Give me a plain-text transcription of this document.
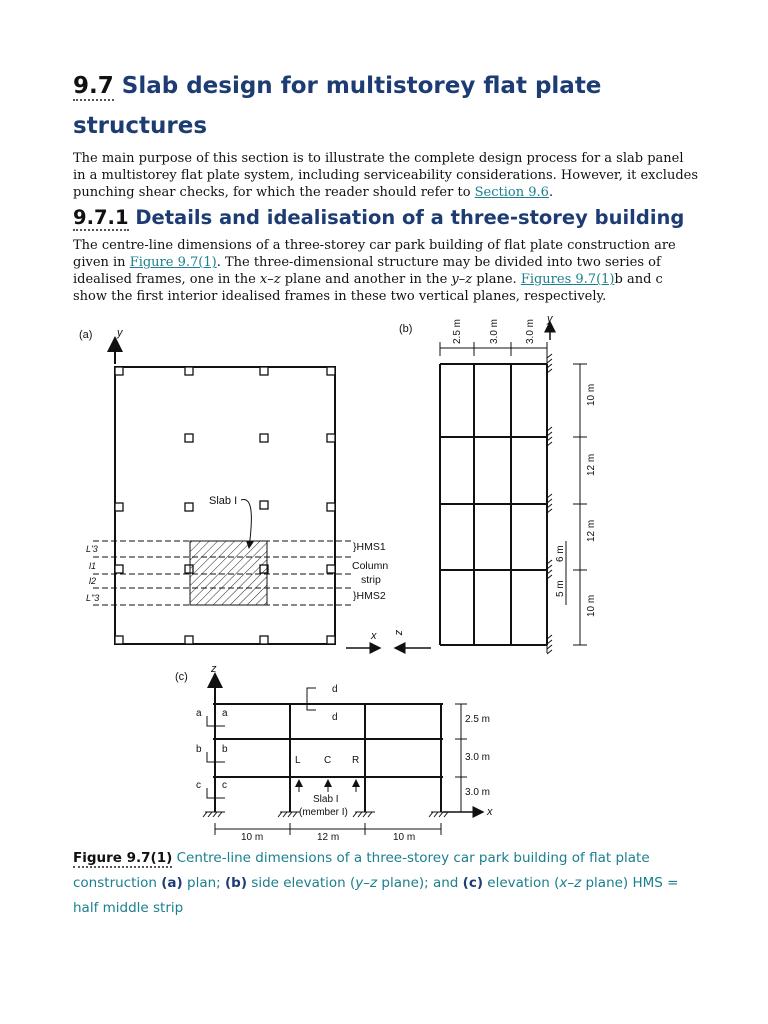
9.7 Slab design for multistorey flat plate structures

The main purpose of this section is to illustrate the complete design process for a slab panel in a multistorey flat plate system, including serviceability considerations. However, it excludes punching shear checks, for which the reader should refer to Section 9.6.

9.7.1 Details and idealisation of a three-storey building

The centre-line dimensions of a three-storey car park building of flat plate construction are given in Figure 9.7(1). The three-dimensional structure may be divided into two series of idealised frames, one in the x–z plane and another in the y–z plane. Figures 9.7(1)b and c show the first interior idealised frames in these two vertical planes, respectively.

(a) y
Slab I
L'3
l1
l2
L"3
}HMS1
Column
strip
}HMS2
x z
(b)
y
2.5 m	3.0 m	3.0 m
10 m
12 m
12 m
10 m
6 m
5 m
(c)
z
a a
b b
c c
d
d
L C R
Slab I
(member I)	x
2.5 m
3.0 m
3.0 m
10 m	12 m	10 m

Figure 9.7(1) Centre-line dimensions of a three-storey car park building of flat plate construction (a) plan; (b) side elevation (y–z plane); and (c) elevation (x–z plane) HMS = half middle strip
